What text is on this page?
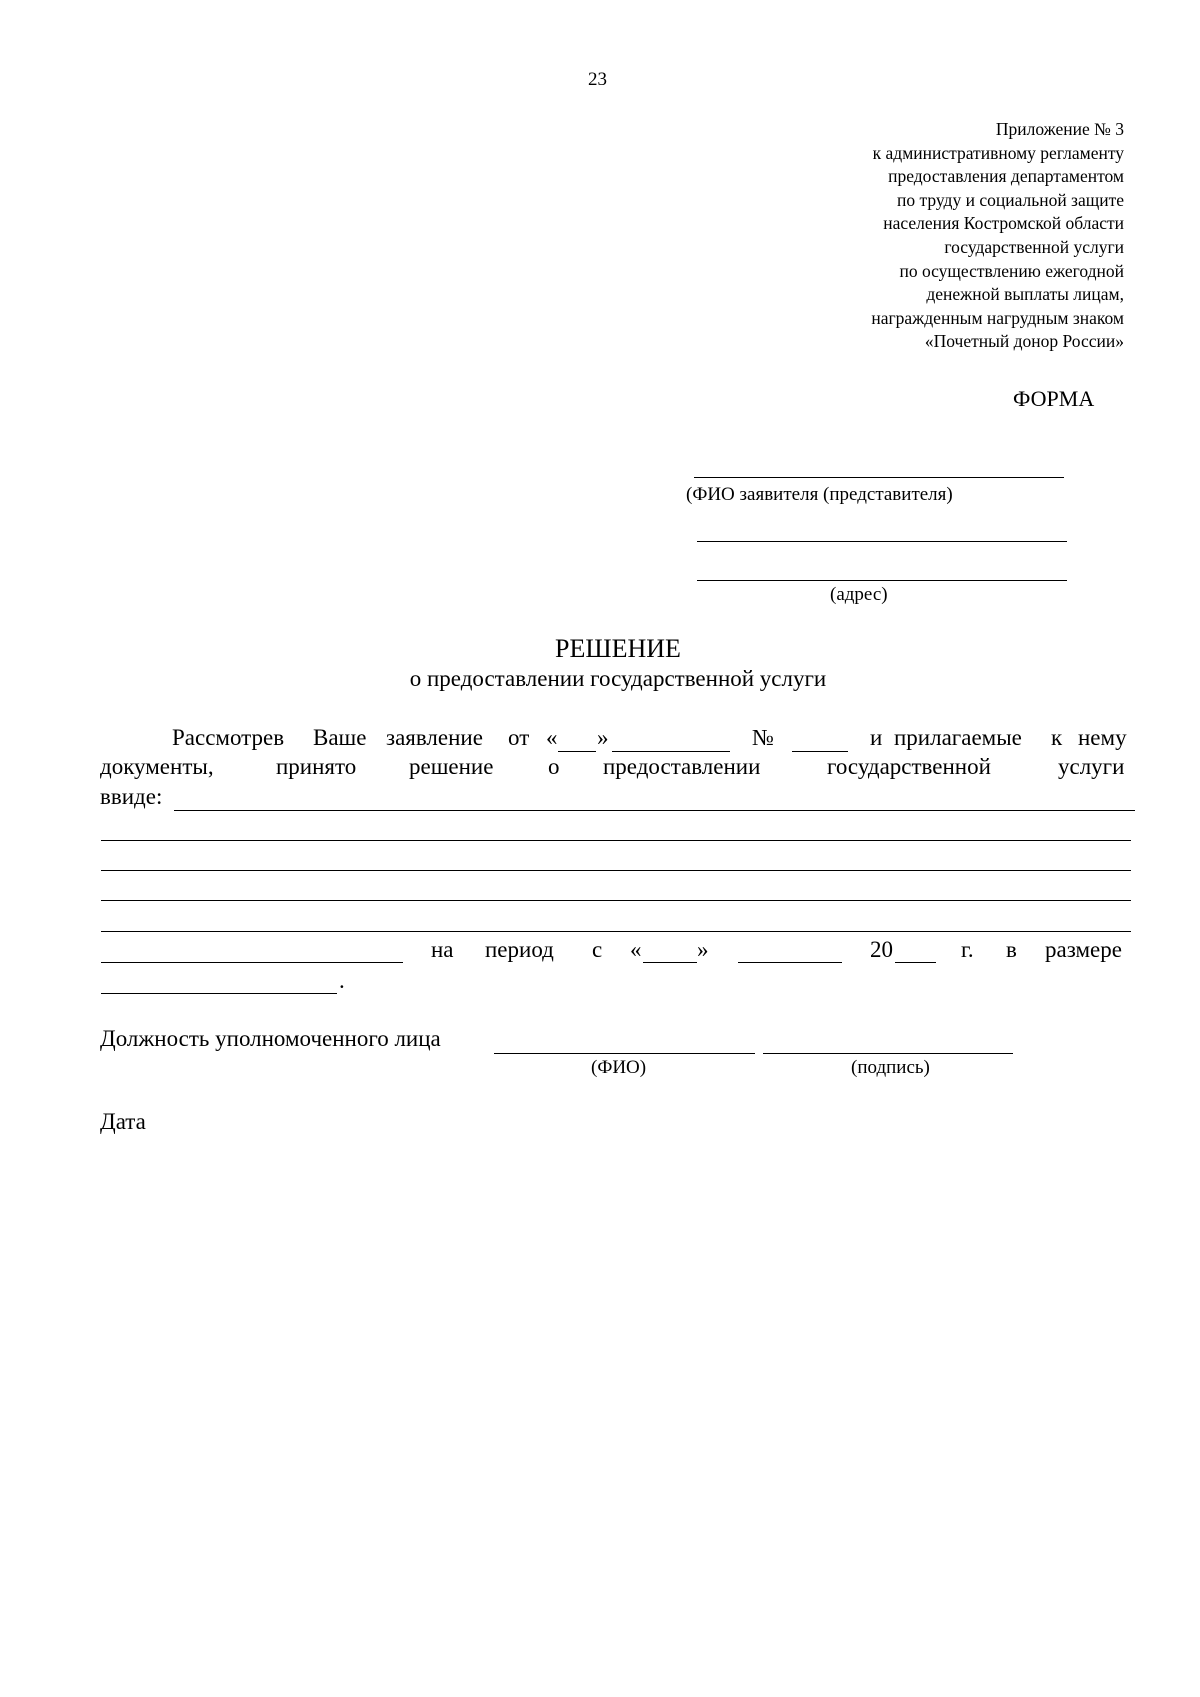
23
Приложение № 3
к административному регламенту
предоставления департаментом
по труду и социальной защите
населения Костромской области
государственной услуги
по осуществлению ежегодной
денежной выплаты лицам,
награжденным нагрудным знаком
«Почетный донор России»
ФОРМА
(ФИО заявителя (представителя)
(адрес)
РЕШЕНИЕ
о предоставлении государственной услуги
Рассмотрев Ваше заявление от « »	№	и прилагаемые к нему
документы,	принято решение о предоставлении	государственной	услуги
ввиде:
на период с « »	20	г. в размере
.
Должность уполномоченного лица
(ФИО)	(подпись)
Дата
